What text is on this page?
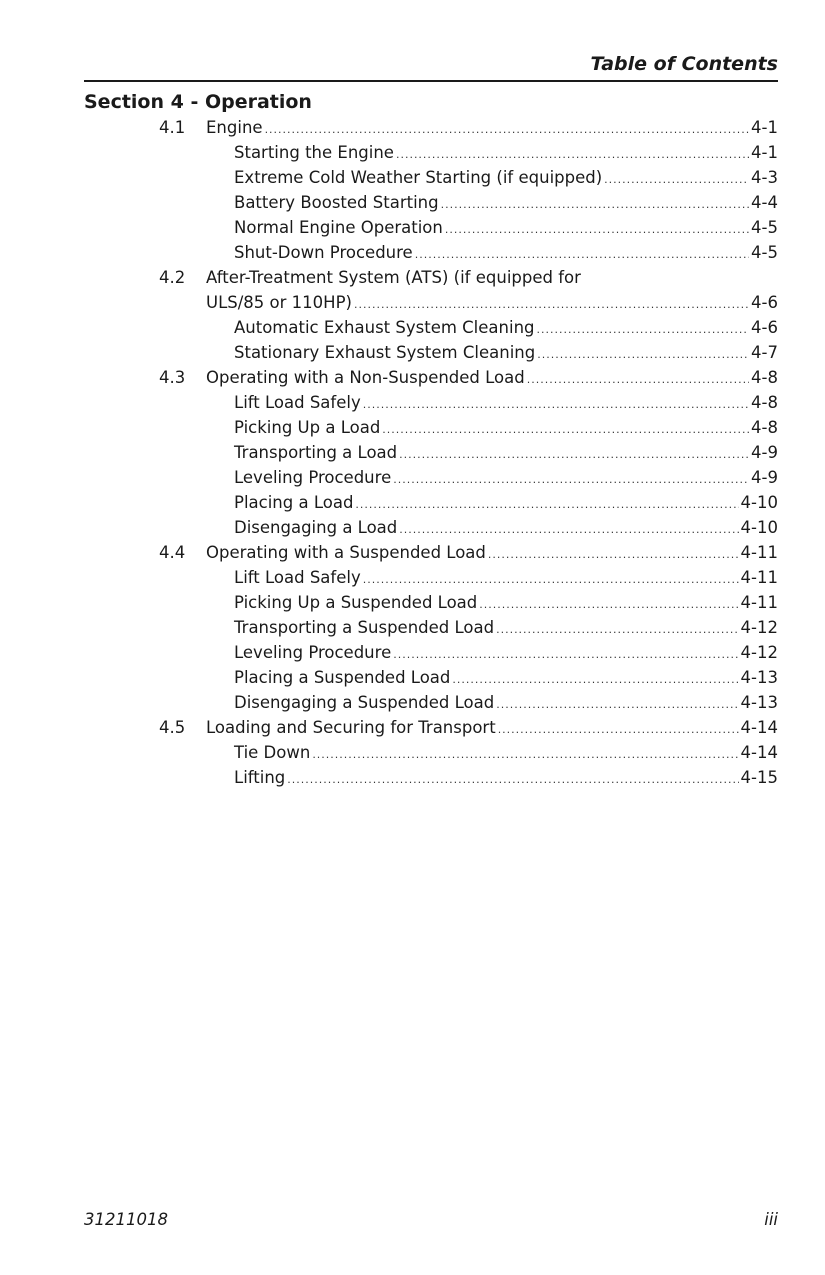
Table of Contents
Section 4 - Operation
4.1 Engine .....	4-1
Starting the Engine .....	4-1
Extreme Cold Weather Starting (if equipped) .....	4-3
Battery Boosted Starting .....	4-4
Normal Engine Operation .....	4-5
Shut-Down Procedure .....	4-5
4.2 After-Treatment System (ATS) (if equipped for
ULS/85 or 110HP) .....	4-6
Automatic Exhaust System Cleaning .....	4-6
Stationary Exhaust System Cleaning .....	4-7
4.3 Operating with a Non-Suspended Load .....	4-8
Lift Load Safely .....	4-8
Picking Up a Load .....	4-8
Transporting a Load .....	4-9
Leveling Procedure .....	4-9
Placing a Load .....	4-10
Disengaging a Load .....	4-10
4.4 Operating with a Suspended Load .....	4-11
Lift Load Safely .....	4-11
Picking Up a Suspended Load .....	4-11
Transporting a Suspended Load .....	4-12
Leveling Procedure .....	4-12
Placing a Suspended Load .....	4-13
Disengaging a Suspended Load .....	4-13
4.5 Loading and Securing for Transport .....	4-14
Tie Down .....	4-14
Lifting .....	4-15
31211018	iii
